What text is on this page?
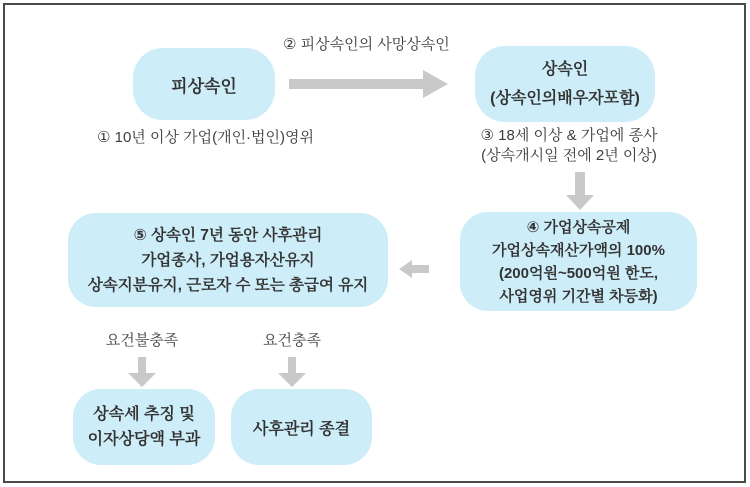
② 피상속인의 사망상속인
피상속인
상속인
(상속인의배우자포함)
① 10년 이상 가업(개인·법인)영위	③ 18세 이상 & 가업에 종사
(상속개시일 전에 2년 이상)
④ 가업상속공제
가업상속재산가액의 100%
(200억원~500억원 한도,
사업영위 기간별 차등화)
⑤ 상속인 7년 동안 사후관리
가업종사, 가업용자산유지
상속지분유지, 근로자 수 또는 총급여 유지
요건불충족	요건충족
상속세 추징 및
이자상당액 부과
사후관리 종결
